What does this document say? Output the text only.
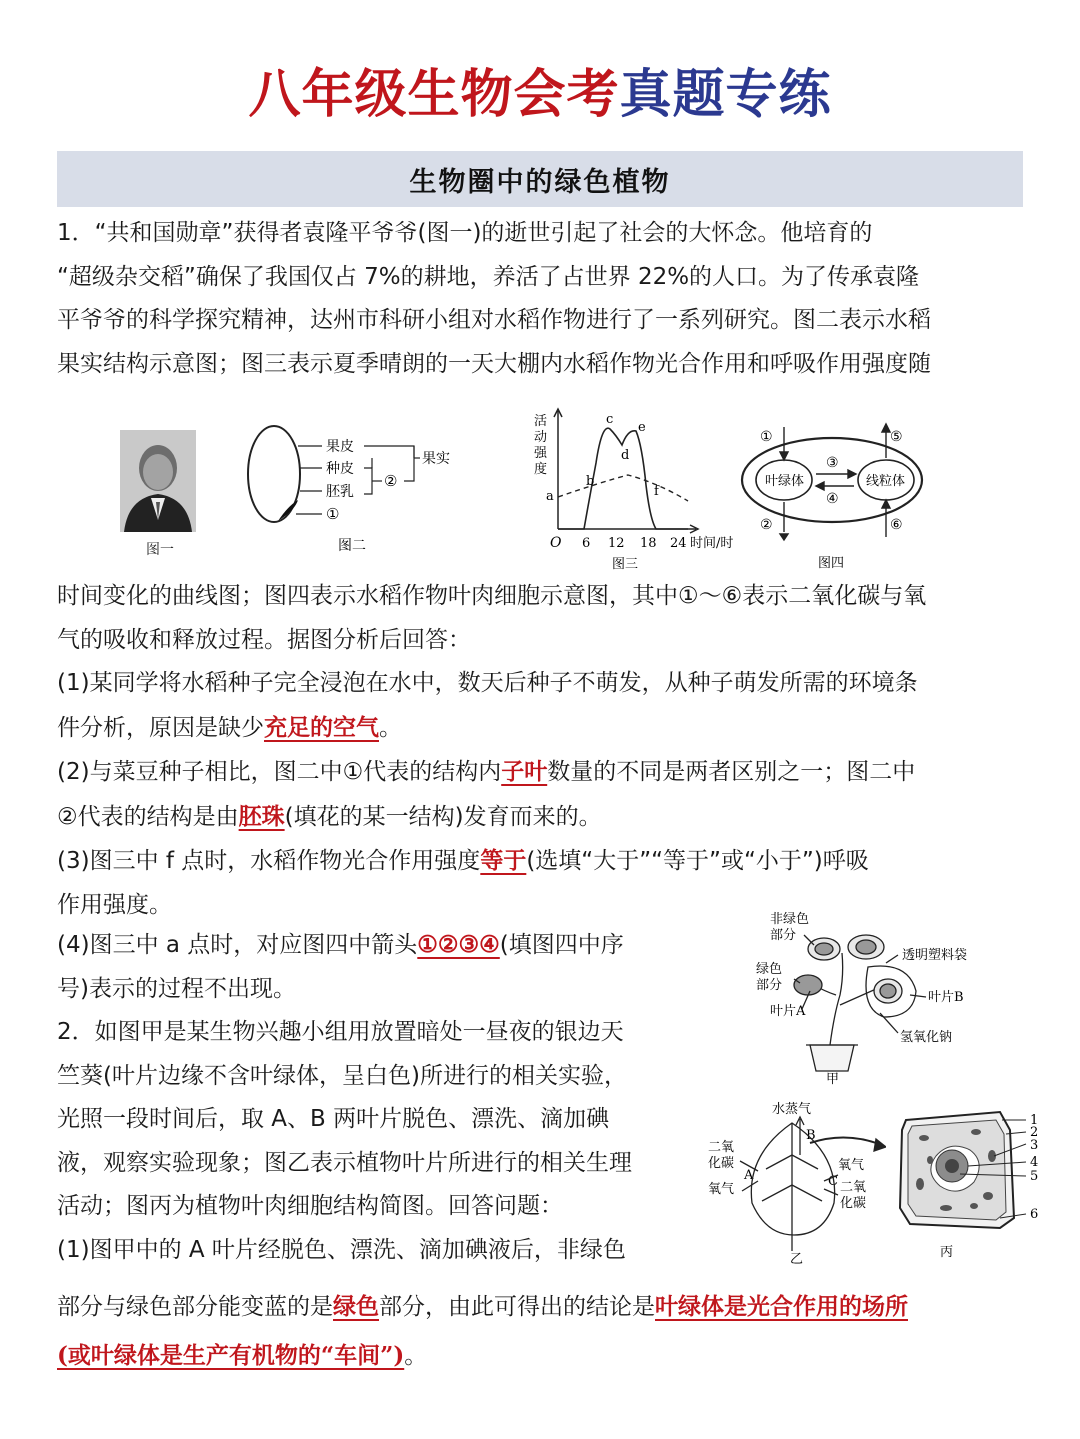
八年级生物会考真题专练
生物圈中的绿色植物
1．“共和国勋章”获得者袁隆平爷爷(图一)的逝世引起了社会的大怀念。他培育的
“超级杂交稻”确保了我国仅占 7%的耕地，养活了占世界 22%的人口。为了传承袁隆
平爷爷的科学探究精神，达州市科研小组对水稻作物进行了一系列研究。图二表示水稻
果实结构示意图；图三表示夏季晴朗的一天大棚内水稻作物光合作用和呼吸作用强度随
图一
果皮
种皮
胚乳
②
①
果实
图二
活
动
强
度
a
b
c
d
e
f
O 6 12 18 24 时间/时
图三
叶绿体	线粒体
①
②
③
④
⑤
⑥
图四
时间变化的曲线图；图四表示水稻作物叶肉细胞示意图，其中①～⑥表示二氧化碳与氧
气的吸收和释放过程。据图分析后回答：
(1)某同学将水稻种子完全浸泡在水中，数天后种子不萌发，从种子萌发所需的环境条
件分析，原因是缺少充足的空气。
(2)与菜豆种子相比，图二中①代表的结构内子叶数量的不同是两者区别之一；图二中
②代表的结构是由胚珠(填花的某一结构)发育而来的。
(3)图三中 f 点时，水稻作物光合作用强度等于(选填“大于”“等于”或“小于”)呼吸
作用强度。
(4)图三中 a 点时，对应图四中箭头①②③④(填图四中序
号)表示的过程不出现。
2．如图甲是某生物兴趣小组用放置暗处一昼夜的银边天
竺葵(叶片边缘不含叶绿体，呈白色)所进行的相关实验，
光照一段时间后，取 A、B 两叶片脱色、漂洗、滴加碘
液，观察实验现象；图乙表示植物叶片所进行的相关生理
活动；图丙为植物叶肉细胞结构简图。回答问题：
(1)图甲中的 A 叶片经脱色、漂洗、滴加碘液后，非绿色
非绿色
部分
透明塑料袋
绿色
部分
叶片B
叶片A
氢氧化钠
甲
水蒸气
B
二氧
化碳
A
氧气
C
氧气
二氧
化碳
乙
1
2
3
4
5
6
丙
部分与绿色部分能变蓝的是绿色部分，由此可得出的结论是叶绿体是光合作用的场所
(或叶绿体是生产有机物的“车间”)。
